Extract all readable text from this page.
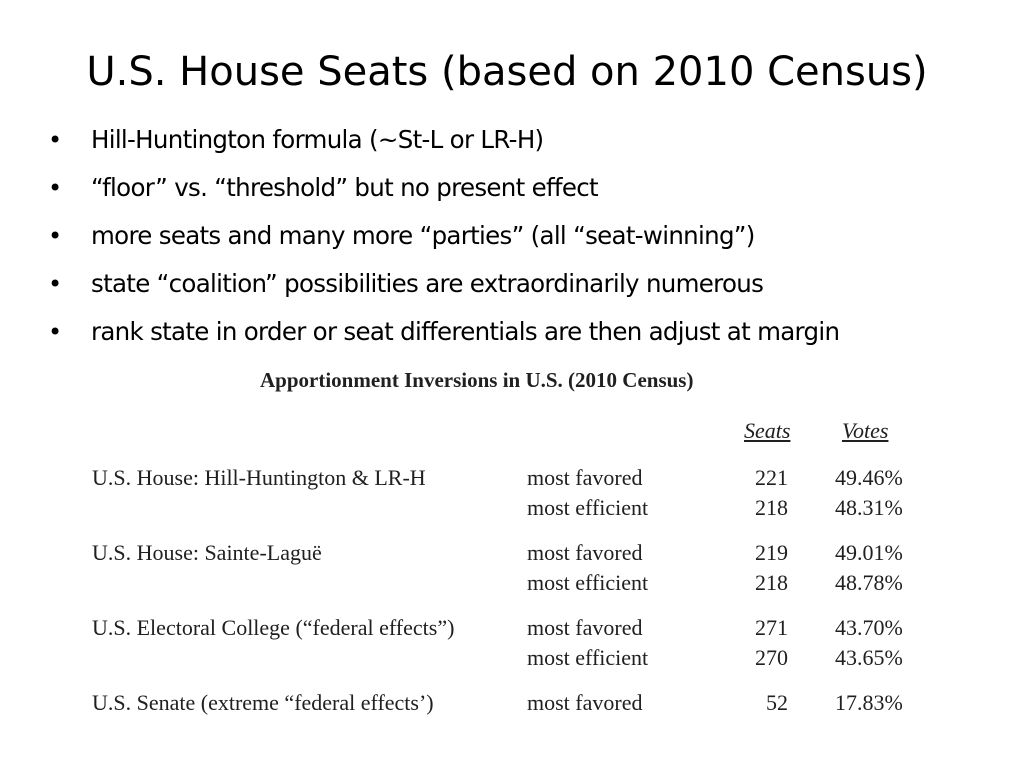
U.S. House Seats (based on 2010 Census)
• Hill-Huntington formula (~St-L or LR-H)
• “floor” vs. “threshold” but no present effect
• more seats and many more “parties” (all “seat-winning”)
• state “coalition” possibilities are extraordinarily numerous
• rank state in order or seat differentials are then adjust at margin
Apportionment Inversions in U.S. (2010 Census)
Seats Votes
U.S. House: Hill-Huntington & LR-H	most favored	221 49.46%
most efficient	218 48.31%
U.S. House: Sainte-Laguë	most favored	219 49.01%
most efficient	218 48.78%
U.S. Electoral College (“federal effects”)	most favored	271 43.70%
most efficient	270 43.65%
U.S. Senate (extreme “federal effects’)	most favored	52 17.83%
